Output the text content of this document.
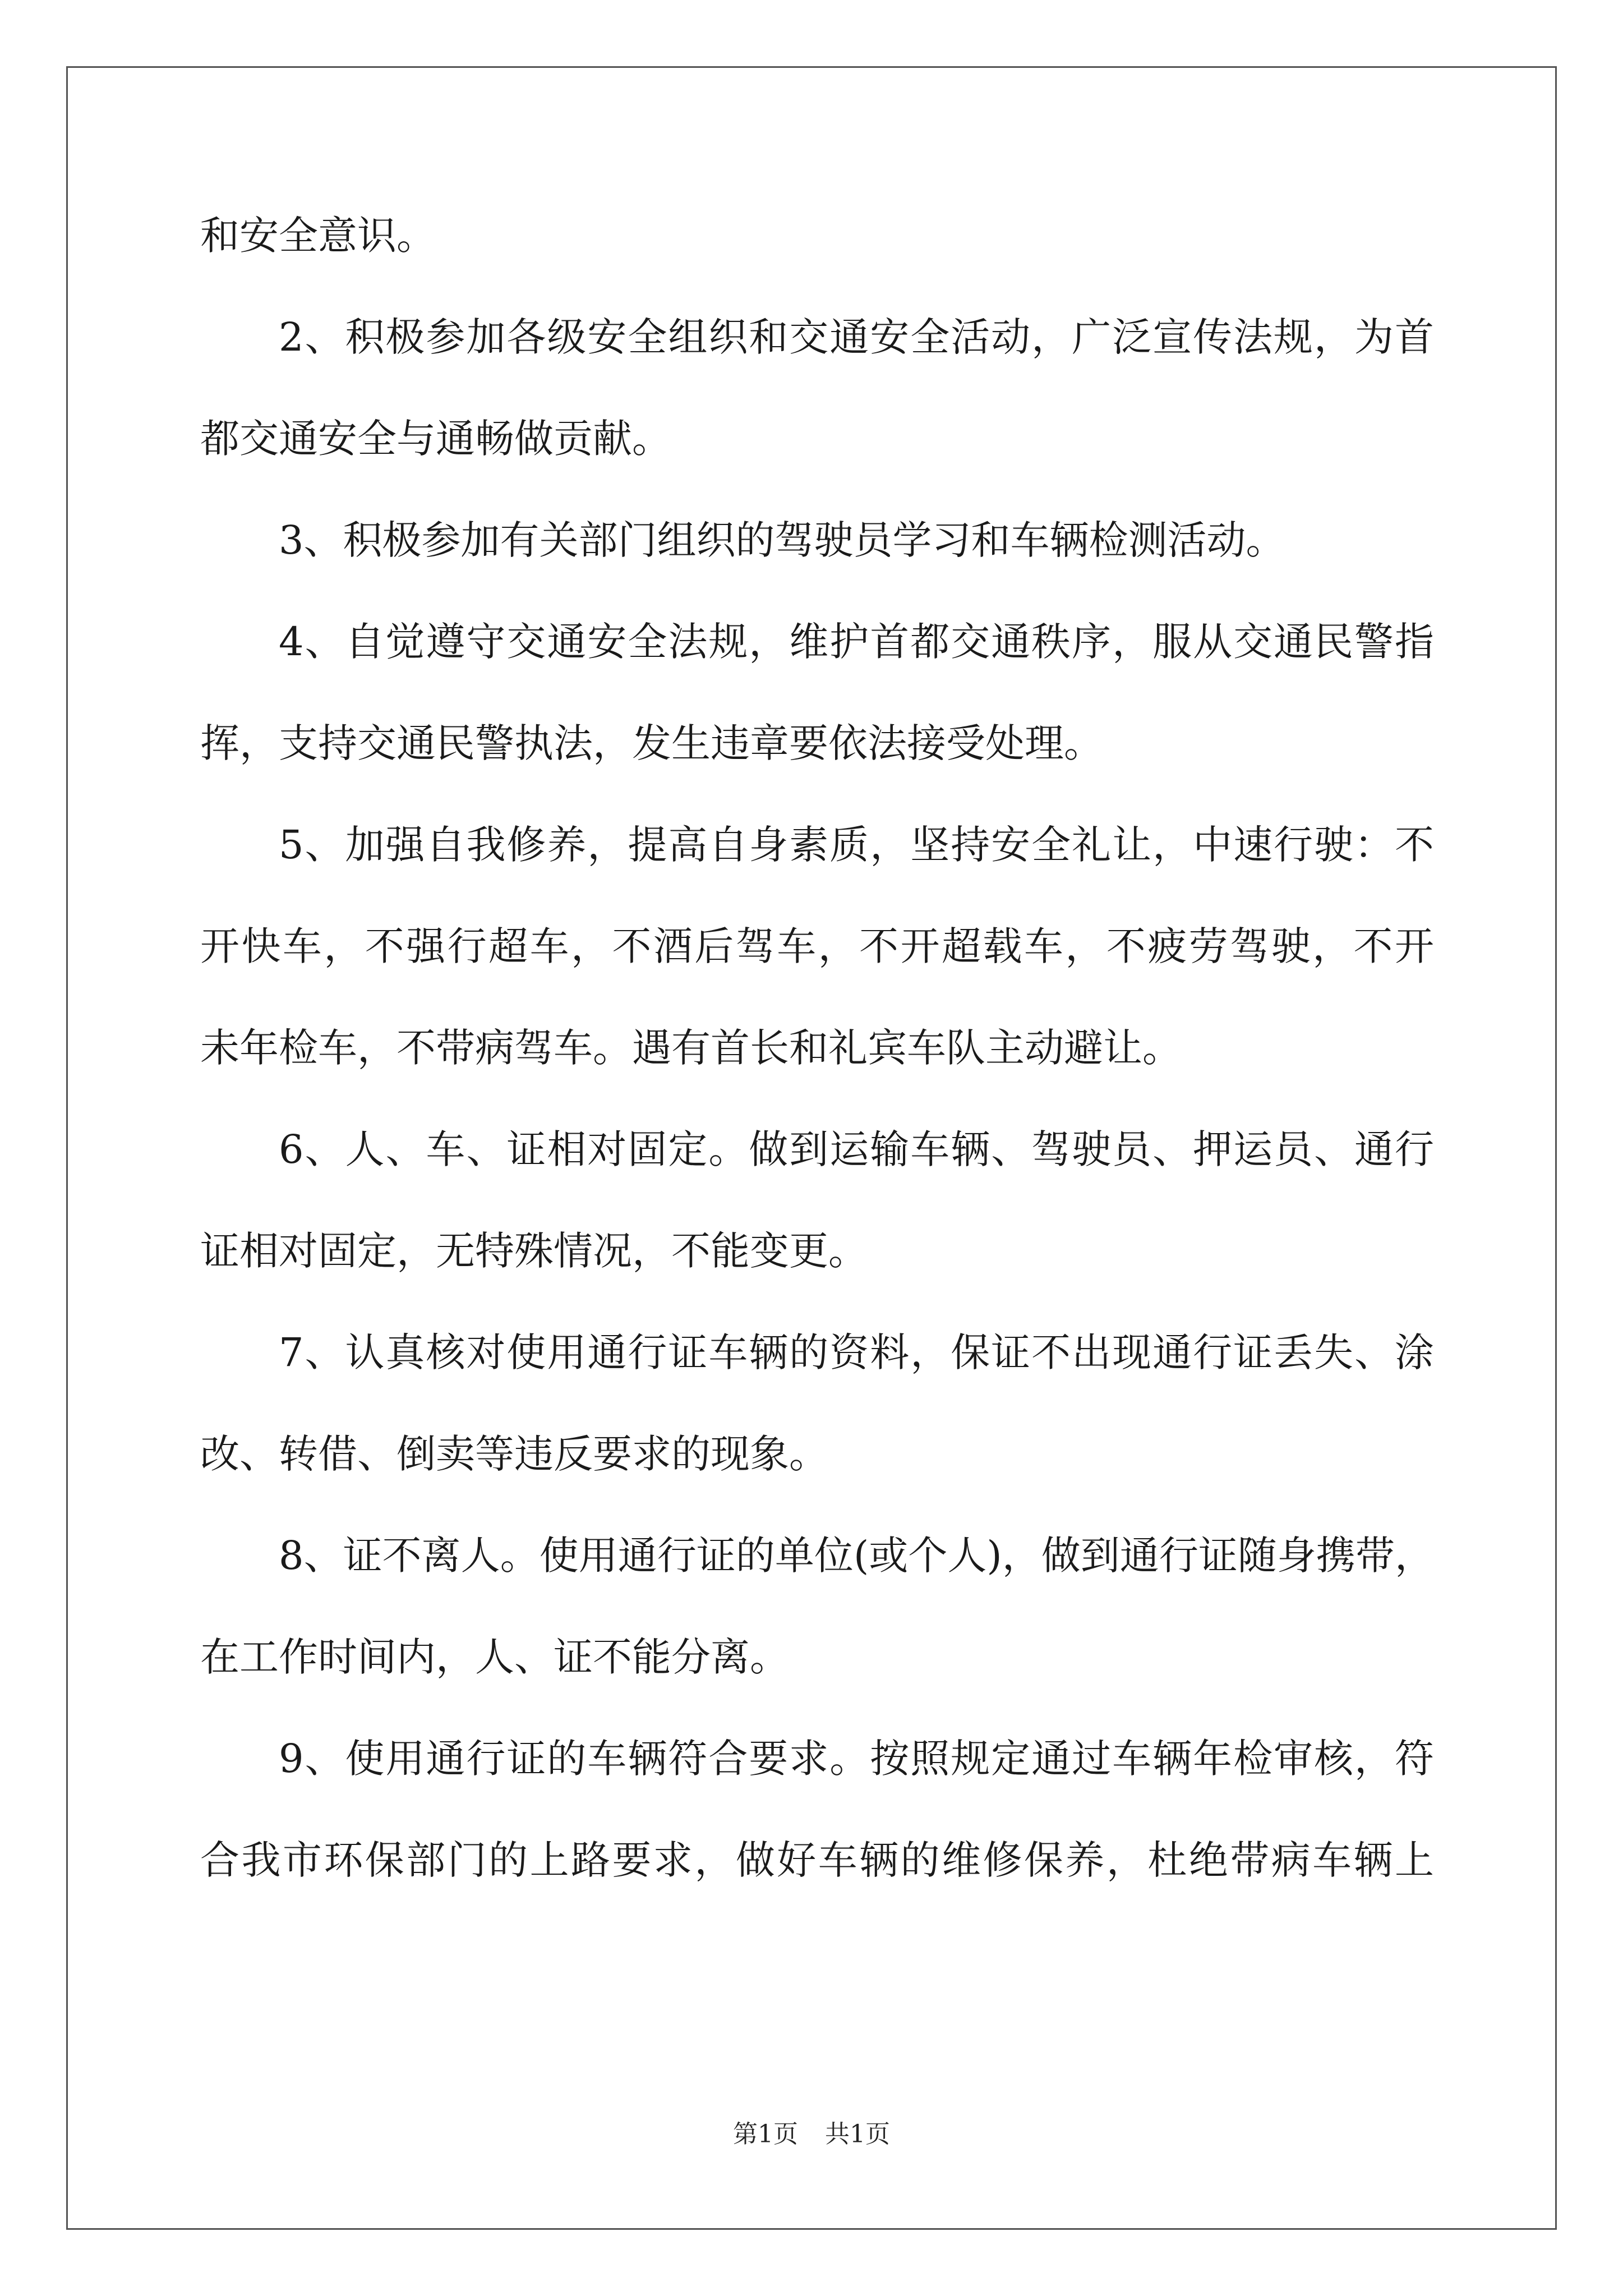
和安全意识。

2、积极参加各级安全组织和交通安全活动，广泛宣传法规，为首

都交通安全与通畅做贡献。

3、积极参加有关部门组织的驾驶员学习和车辆检测活动。

4、自觉遵守交通安全法规，维护首都交通秩序，服从交通民警指

挥，支持交通民警执法，发生违章要依法接受处理。

5、加强自我修养，提高自身素质，坚持安全礼让，中速行驶：不

开快车，不强行超车，不酒后驾车，不开超载车，不疲劳驾驶，不开

未年检车，不带病驾车。遇有首长和礼宾车队主动避让。

6、人、车、证相对固定。做到运输车辆、驾驶员、押运员、通行

证相对固定，无特殊情况，不能变更。

7、认真核对使用通行证车辆的资料，保证不出现通行证丢失、涂

改、转借、倒卖等违反要求的现象。

8、证不离人。使用通行证的单位(或个人)，做到通行证随身携带，

在工作时间内，人、证不能分离。

9、使用通行证的车辆符合要求。按照规定通过车辆年检审核，符

合我市环保部门的上路要求，做好车辆的维修保养，杜绝带病车辆上

第1页 共1页
